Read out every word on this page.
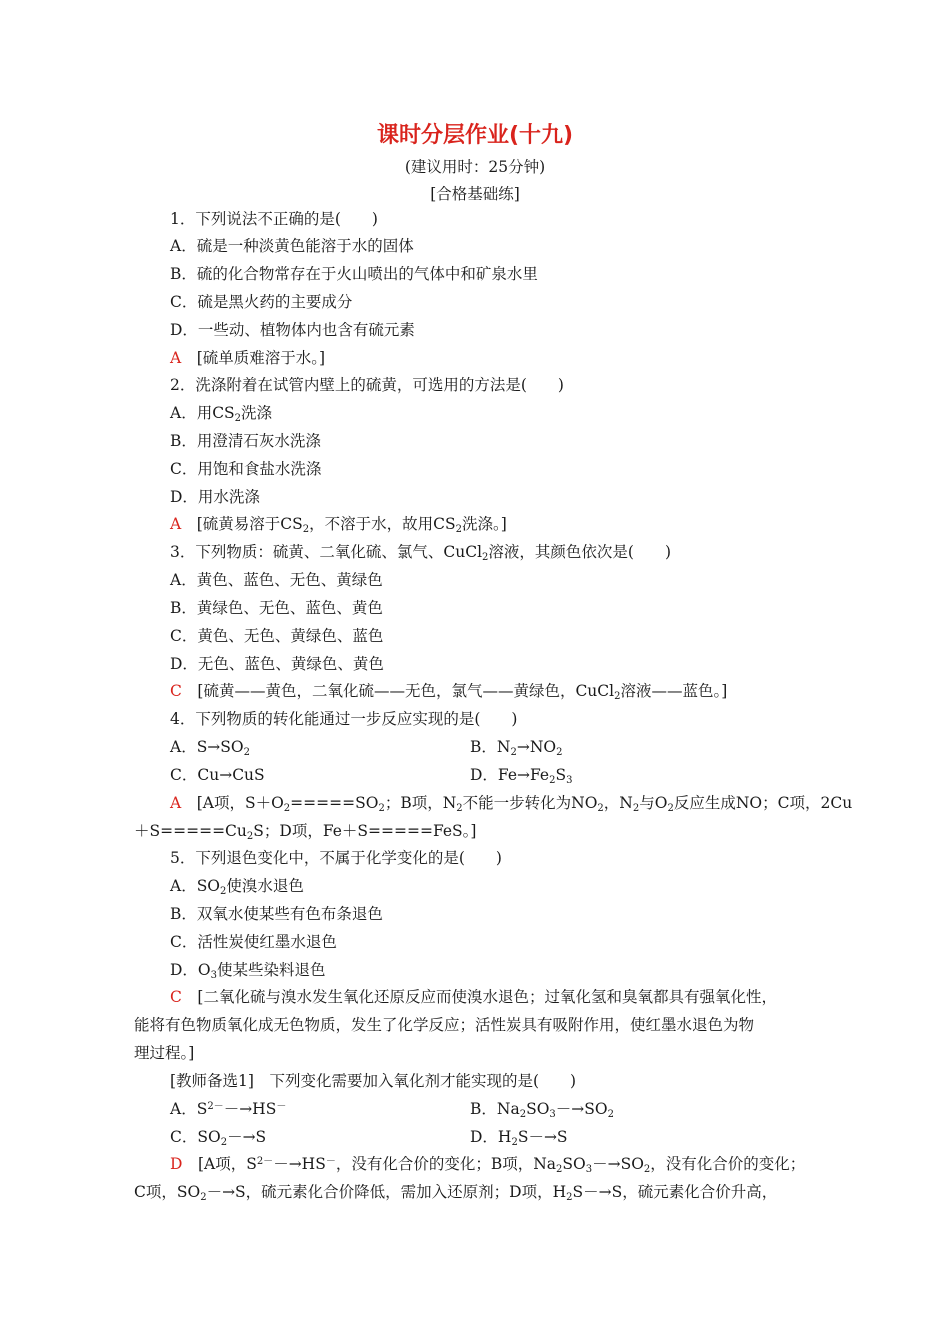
课时分层作业(十九)
(建议用时：25分钟)
[合格基础练]
1．下列说法不正确的是(　　)
A．硫是一种淡黄色能溶于水的固体
B．硫的化合物常存在于火山喷出的气体中和矿泉水里
C．硫是黑火药的主要成分
D．一些动、植物体内也含有硫元素
A　 [硫单质难溶于水。]
2．洗涤附着在试管内壁上的硫黄，可选用的方法是(　　)
A．用$CS_2$洗涤
B．用澄清石灰水洗涤
C．用饱和食盐水洗涤
D．用水洗涤
A　 [硫黄易溶于$CS_2$，不溶于水，故用$CS_2$洗涤。]
3．下列物质：硫黄、二氧化硫、氯气、CuCl$_2$溶液，其颜色依次是(　　)
A．黄色、蓝色、无色、黄绿色
B．黄绿色、无色、蓝色、黄色
C．黄色、无色、黄绿色、蓝色
D．无色、蓝色、黄绿色、黄色
C　 [硫黄——黄色，二氧化硫——无色，氯气——黄绿色，CuCl$_2$溶液——蓝色。]
4．下列物质的转化能通过一步反应实现的是(　　)
A．$S\to SO_2$	B．$N_2\to NO_2$
C．Cu→CuS	D．$Fe\to Fe_2S_3$
A　 [A项，$S+O_2=====SO_2$；B项，$N_2$不能一步转化为$NO_2$，$N_2$与$O_2$反应生成NO；C项，2Cu
$+S=====Cu_2S$；D项，Fe＋S=====FeS。]
5．下列退色变化中，不属于化学变化的是(　　)
A．$SO_2$使溴水退色
B．双氧水使某些有色布条退色
C．活性炭使红墨水退色
D．$O_3$使某些染料退色
C　 [二氧化硫与溴水发生氧化还原反应而使溴水退色；过氧化氢和臭氧都具有强氧化性，
能将有色物质氧化成无色物质，发生了化学反应；活性炭具有吸附作用，使红墨水退色为物
理过程。]
[教师备选1]　下列变化需要加入氧化剂才能实现的是(　　)
A．$S^{2-}-\to HS^-$	B．$Na_2SO_3-\to SO_2$
C．$SO_2-\to S$	D．$H_2S-\to S$
D　 [A项，$S^{2-}-\to HS^-$，没有化合价的变化；B项，$Na_2SO_3-\to SO_2$，没有化合价的变化；
C项，$SO_2-\to S$，硫元素化合价降低，需加入还原剂；D项，$H_2S-\to S$，硫元素化合价升高，
